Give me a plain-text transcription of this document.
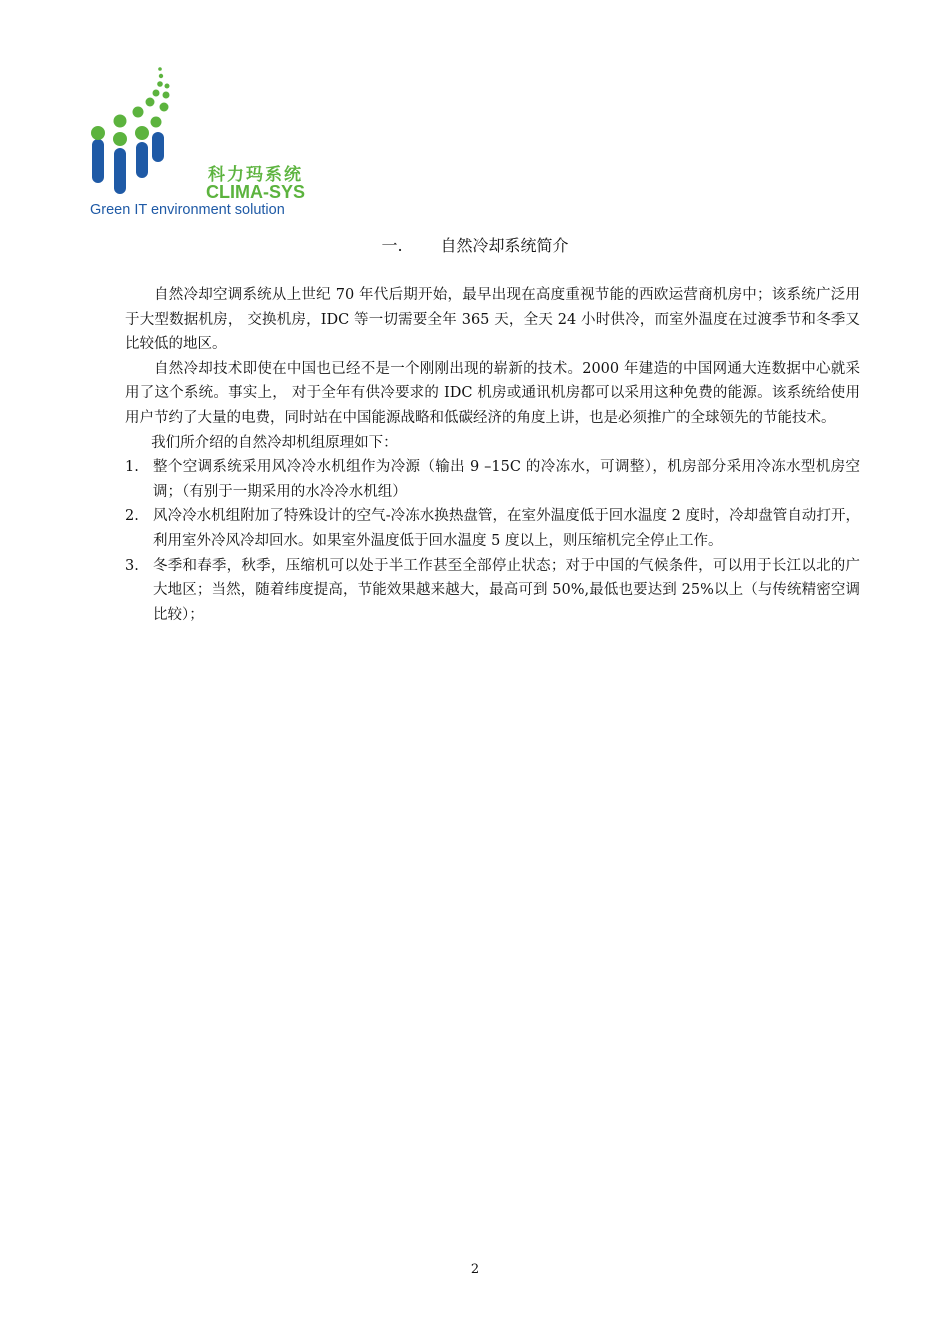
科力玛系统
CLIMA-SYS
Green IT environment solution
一. 自然冷却系统简介

自然冷却空调系统从上世纪 70 年代后期开始，最早出现在高度重视节能的西欧运营商机房中；该系统广泛用于大型数据机房， 交换机房，IDC 等一切需要全年 365 天，全天 24 小时供冷，而室外温度在过渡季节和冬季又比较低的地区。

自然冷却技术即使在中国也已经不是一个刚刚出现的崭新的技术。2000 年建造的中国网通大连数据中心就采用了这个系统。事实上， 对于全年有供冷要求的 IDC 机房或通讯机房都可以采用这种免费的能源。该系统给使用用户节约了大量的电费，同时站在中国能源战略和低碳经济的角度上讲，也是必须推广的全球领先的节能技术。

我们所介绍的自然冷却机组原理如下：

1. 整个空调系统采用风冷冷水机组作为冷源（输出 9 –15C 的冷冻水，可调整），机房部分采用冷冻水型机房空调；（有别于一期采用的水冷冷水机组）
2. 风冷冷水机组附加了特殊设计的空气-冷冻水换热盘管，在室外温度低于回水温度 2 度时，冷却盘管自动打开，利用室外冷风冷却回水。如果室外温度低于回水温度 5 度以上，则压缩机完全停止工作。
3. 冬季和春季，秋季，压缩机可以处于半工作甚至全部停止状态；对于中国的气候条件，可以用于长江以北的广大地区；当然，随着纬度提高，节能效果越来越大，最高可到 50%,最低也要达到 25%以上（与传统精密空调比较）；
2
